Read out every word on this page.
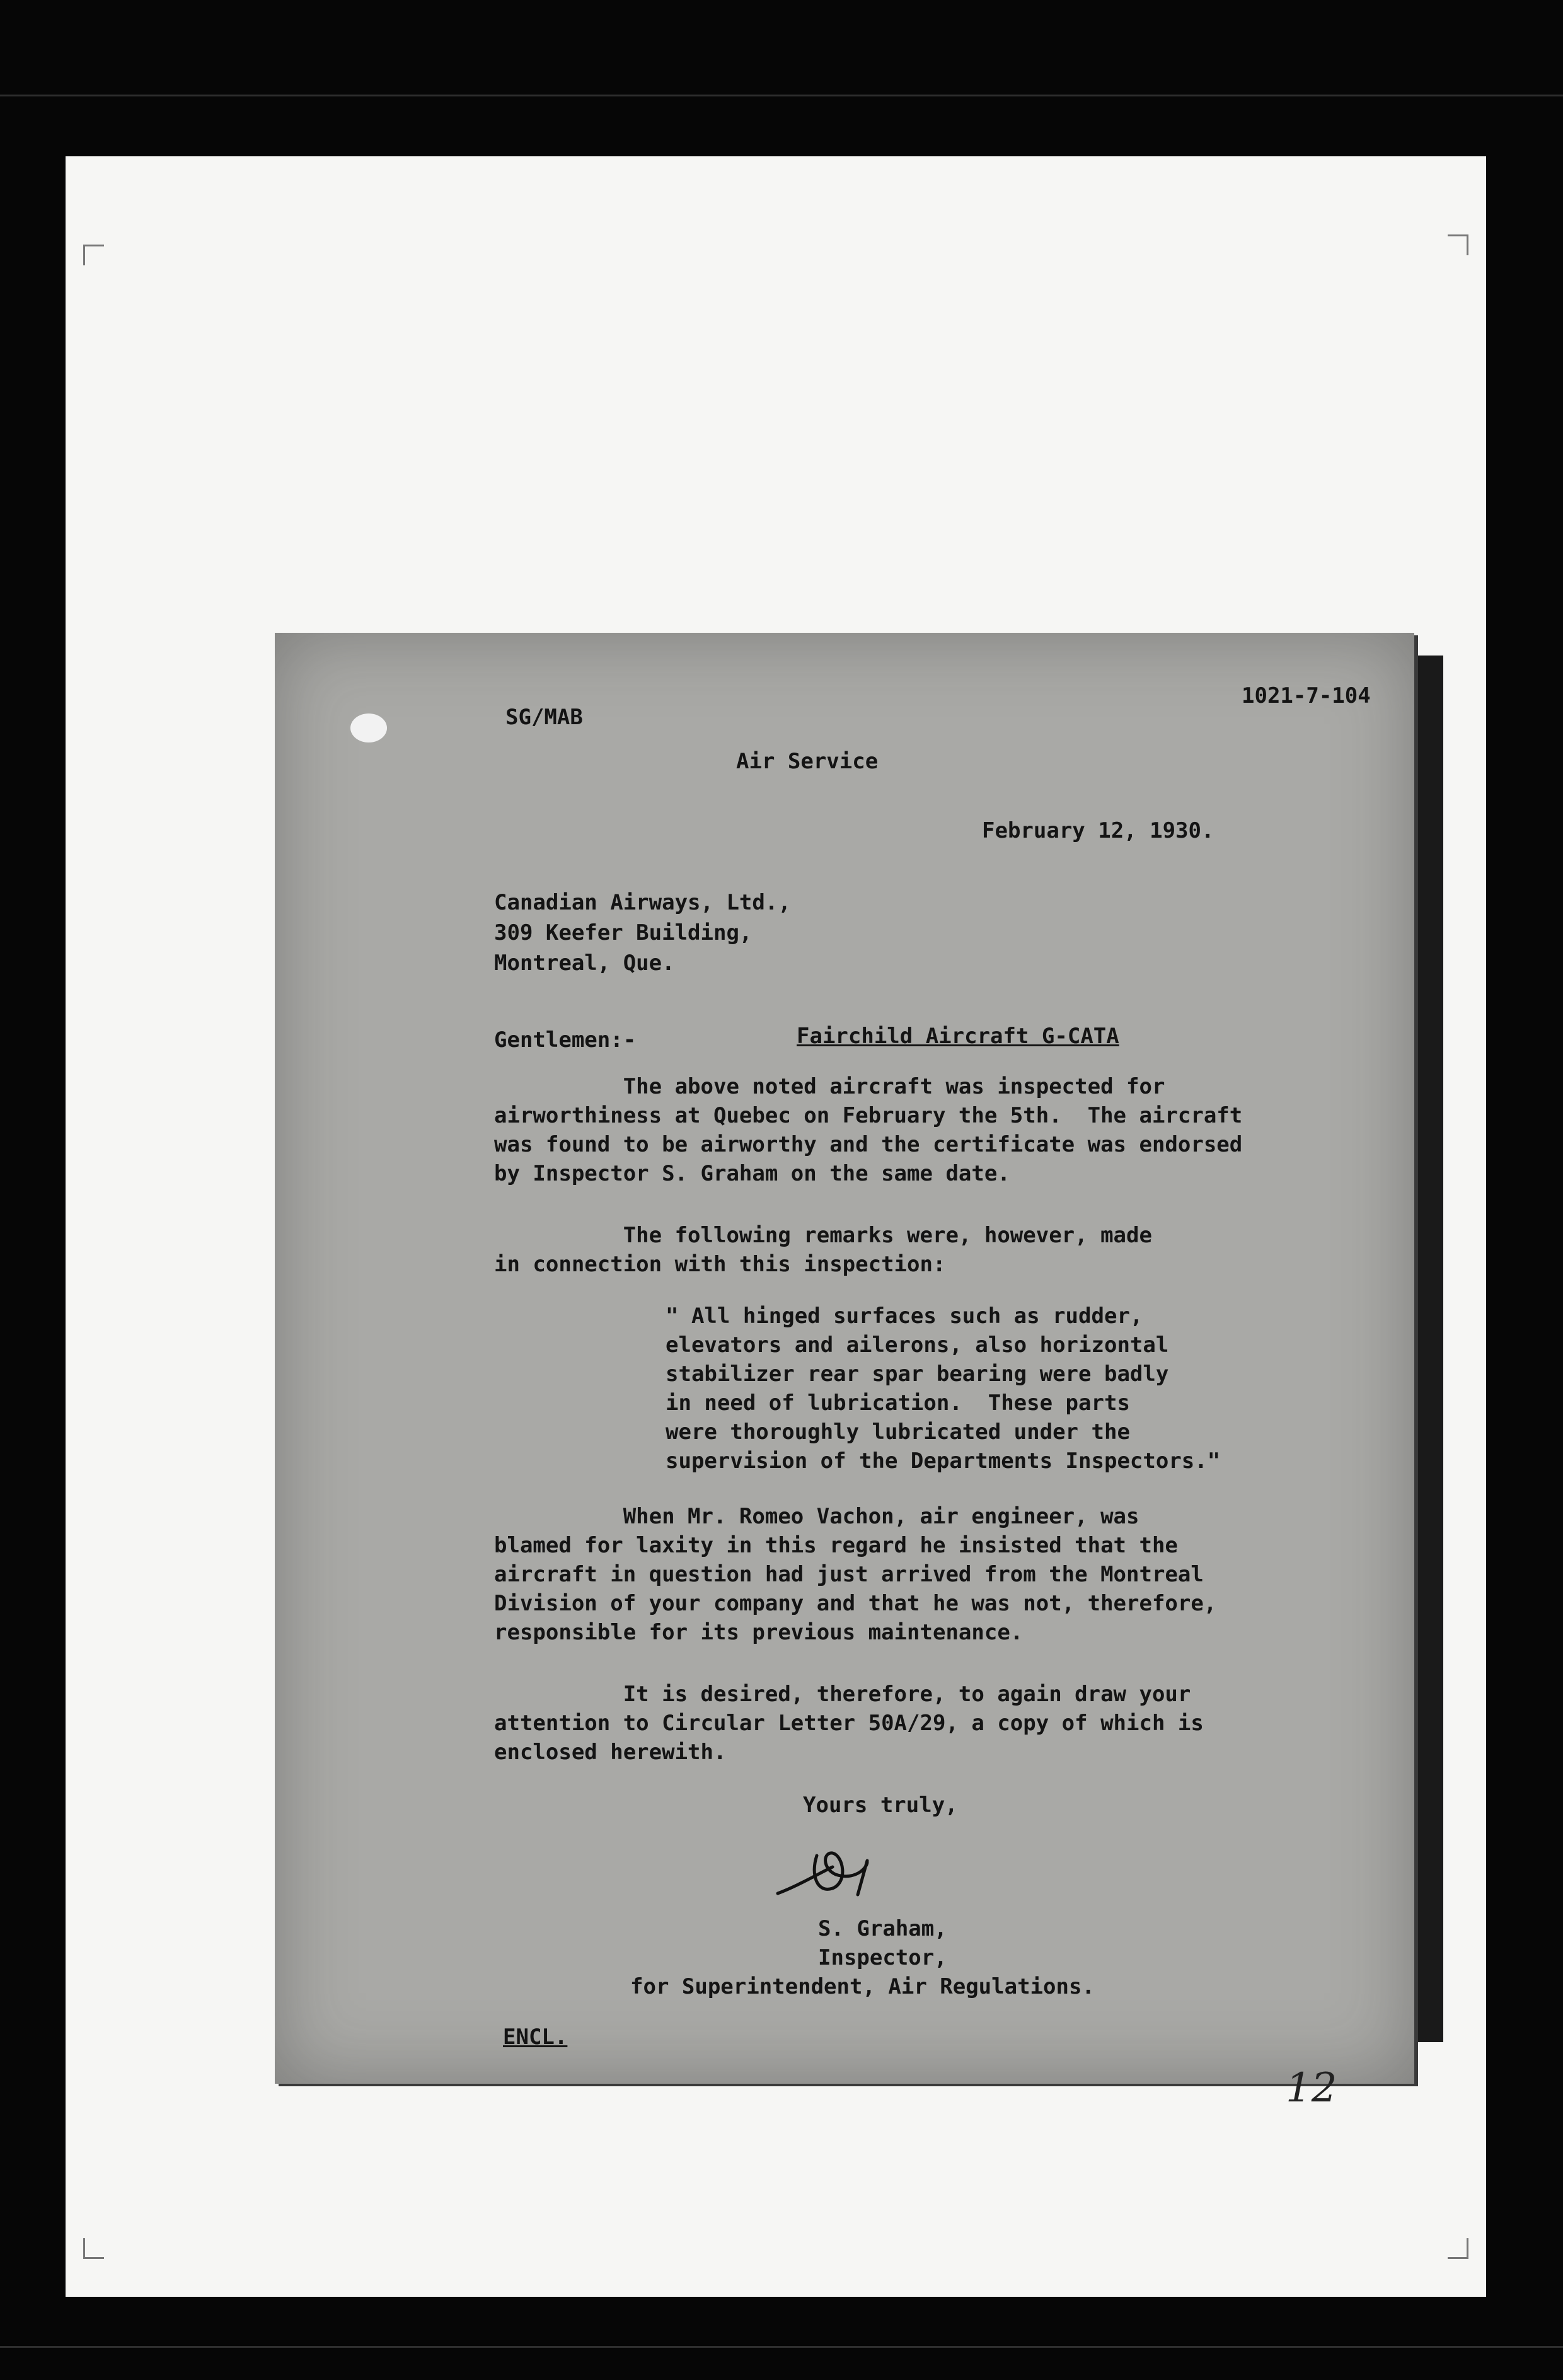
SG/MAB
1021-7-104
Air Service
February 12, 1930.
Canadian Airways, Ltd.,
309 Keefer Building,
Montreal, Que.
Gentlemen:-	Fairchild Aircraft G-CATA
The above noted aircraft was inspected for
airworthiness at Quebec on February the 5th.  The aircraft
was found to be airworthy and the certificate was endorsed
by Inspector S. Graham on the same date.
The following remarks were, however, made
in connection with this inspection:
" All hinged surfaces such as rudder,
elevators and ailerons, also horizontal
stabilizer rear spar bearing were badly
in need of lubrication.  These parts
were thoroughly lubricated under the
supervision of the Departments Inspectors."
When Mr. Romeo Vachon, air engineer, was
blamed for laxity in this regard he insisted that the
aircraft in question had just arrived from the Montreal
Division of your company and that he was not, therefore,
responsible for its previous maintenance.
It is desired, therefore, to again draw your
attention to Circular Letter 50A/29, a copy of which is
enclosed herewith.
Yours truly,
S. Graham,
Inspector,
for Superintendent, Air Regulations.
ENCL.
12
